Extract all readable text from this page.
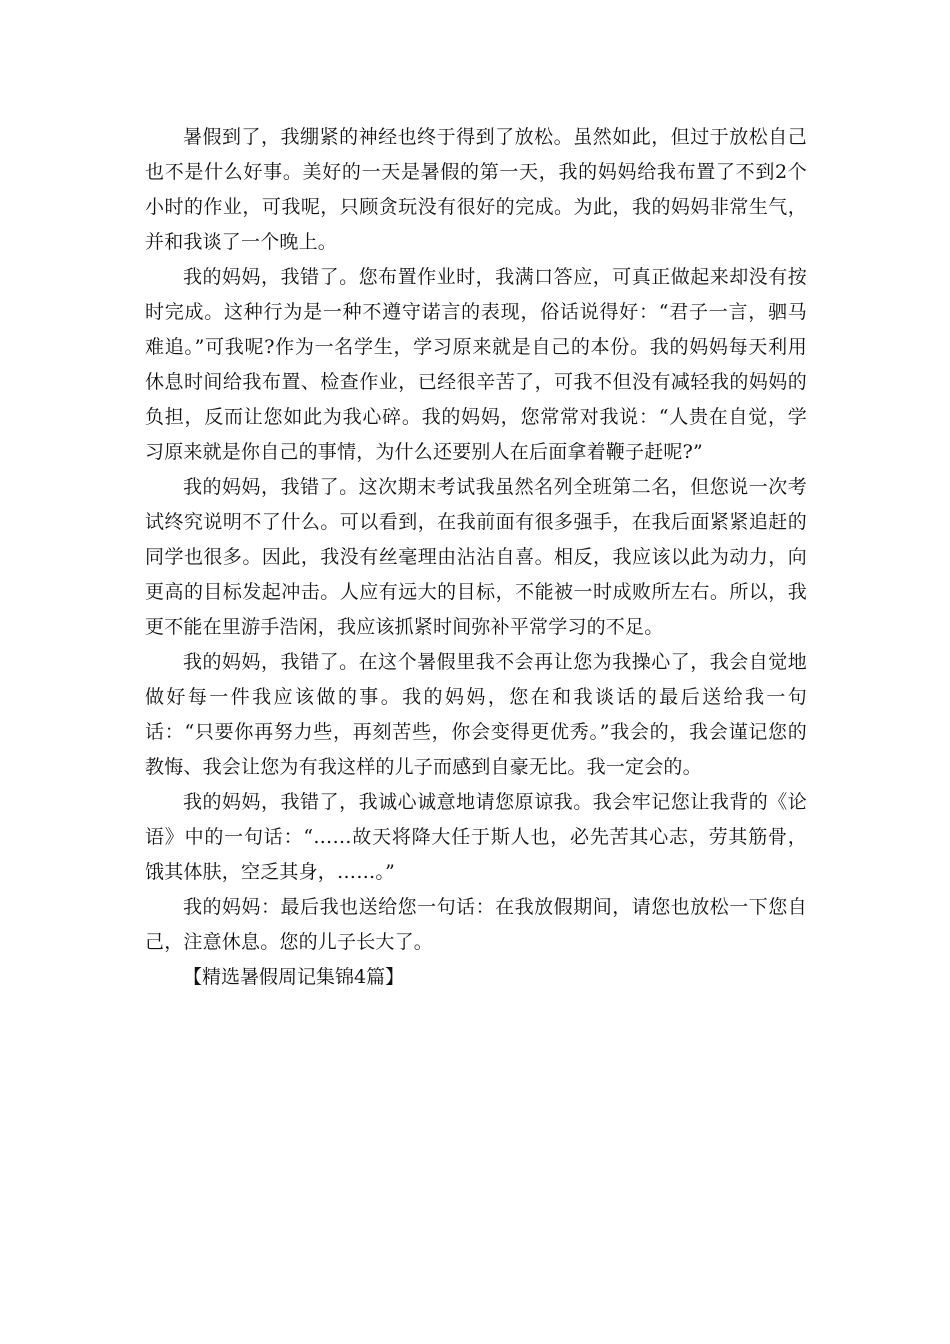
暑假到了，我绷紧的神经也终于得到了放松。虽然如此，但过于放松自己也不是什么好事。美好的一天是暑假的第一天，我的妈妈给我布置了不到2个小时的作业，可我呢，只顾贪玩没有很好的完成。为此，我的妈妈非常生气，并和我谈了一个晚上。

我的妈妈，我错了。您布置作业时，我满口答应，可真正做起来却没有按时完成。这种行为是一种不遵守诺言的表现，俗话说得好：“君子一言，驷马难追。”可我呢?作为一名学生，学习原来就是自己的本份。我的妈妈每天利用休息时间给我布置、检查作业，已经很辛苦了，可我不但没有减轻我的妈妈的负担，反而让您如此为我心碎。我的妈妈，您常常对我说：“人贵在自觉，学习原来就是你自己的事情，为什么还要别人在后面拿着鞭子赶呢?”

我的妈妈，我错了。这次期末考试我虽然名列全班第二名，但您说一次考试终究说明不了什么。可以看到，在我前面有很多强手，在我后面紧紧追赶的同学也很多。因此，我没有丝毫理由沾沾自喜。相反，我应该以此为动力，向更高的目标发起冲击。人应有远大的目标，不能被一时成败所左右。所以，我更不能在里游手浩闲，我应该抓紧时间弥补平常学习的不足。

我的妈妈，我错了。在这个暑假里我不会再让您为我操心了，我会自觉地做好每一件我应该做的事。我的妈妈，您在和我谈话的最后送给我一句话：“只要你再努力些，再刻苦些，你会变得更优秀。”我会的，我会谨记您的教悔、我会让您为有我这样的儿子而感到自豪无比。我一定会的。

我的妈妈，我错了，我诚心诚意地请您原谅我。我会牢记您让我背的《论语》中的一句话：“……故天将降大任于斯人也，必先苦其心志，劳其筋骨，饿其体肤，空乏其身，……。”

我的妈妈：最后我也送给您一句话：在我放假期间，请您也放松一下您自己，注意休息。您的儿子长大了。

【精选暑假周记集锦4篇】
